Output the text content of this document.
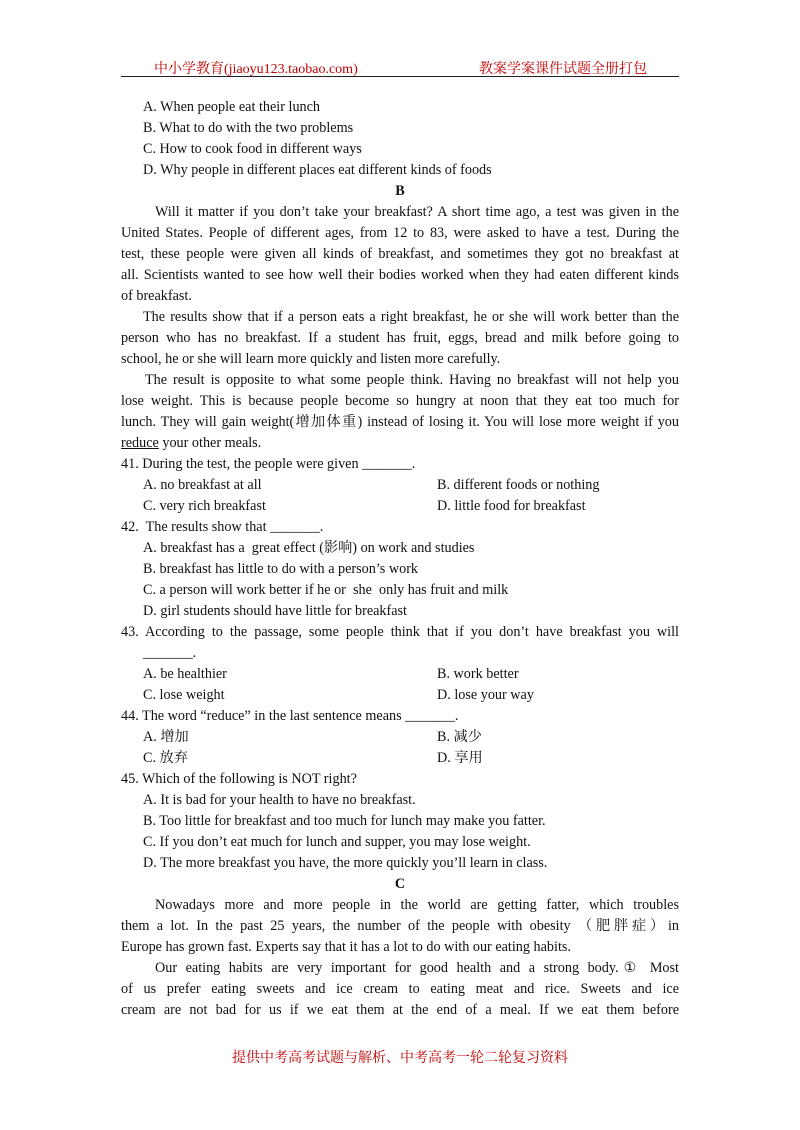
中小学教育(jiaoyu123.taobao.com)	教案学案课件试题全册打包
A. When people eat their lunch
B. What to do with the two problems
C. How to cook food in different ways
D. Why people in different places eat different kinds of foods
B
Will it matter if you don’t take your breakfast? A short time ago, a test was given in the
United States. People of different ages, from 12 to 83, were asked to have a test. During the
test, these people were given all kinds of breakfast, and sometimes they got no breakfast at
all. Scientists wanted to see how well their bodies worked when they had eaten different kinds
of breakfast.
The results show that if a person eats a right breakfast, he or she will work better than the
person who has no breakfast. If a student has fruit, eggs, bread and milk before going to
school, he or she will learn more quickly and listen more carefully.
The result is opposite to what some people think. Having no breakfast will not help you
lose weight. This is because people become so hungry at noon that they eat too much for
lunch. They will gain weight(增加体重) instead of losing it. You will lose more weight if you
reduce your other meals.
41. During the test, the people were given _______.
A. no breakfast at all	B. different foods or nothing
C. very rich breakfast	D. little food for breakfast
42.  The results show that _______.
A. breakfast has a  great effect (影响) on work and studies
B. breakfast has little to do with a person’s work
C. a person will work better if he or  she  only has fruit and milk
D. girl students should have little for breakfast
43. According to the passage, some people think that if you don’t have breakfast you will
_______.
A. be healthier	B. work better
C. lose weight	D. lose your way
44. The word “reduce” in the last sentence means _______.
A. 增加	B. 减少
C. 放弃	D. 享用
45. Which of the following is NOT right?
A. It is bad for your health to have no breakfast.
B. Too little for breakfast and too much for lunch may make you fatter.
C. If you don’t eat much for lunch and supper, you may lose weight.
D. The more breakfast you have, the more quickly you’ll learn in class.
C
Nowadays more and more people in the world are getting fatter, which troubles
them a lot. In the past 25 years, the number of the people with obesity （肥胖症）in
Europe has grown fast. Experts say that it has a lot to do with our eating habits.
Our eating habits are very important for good health and a strong body.① Most
of us prefer eating sweets and ice cream to eating meat and rice. Sweets and ice
cream are not bad for us if we eat them at the end of a meal. If we eat them before
提供中考高考试题与解析、中考高考一轮二轮复习资料
